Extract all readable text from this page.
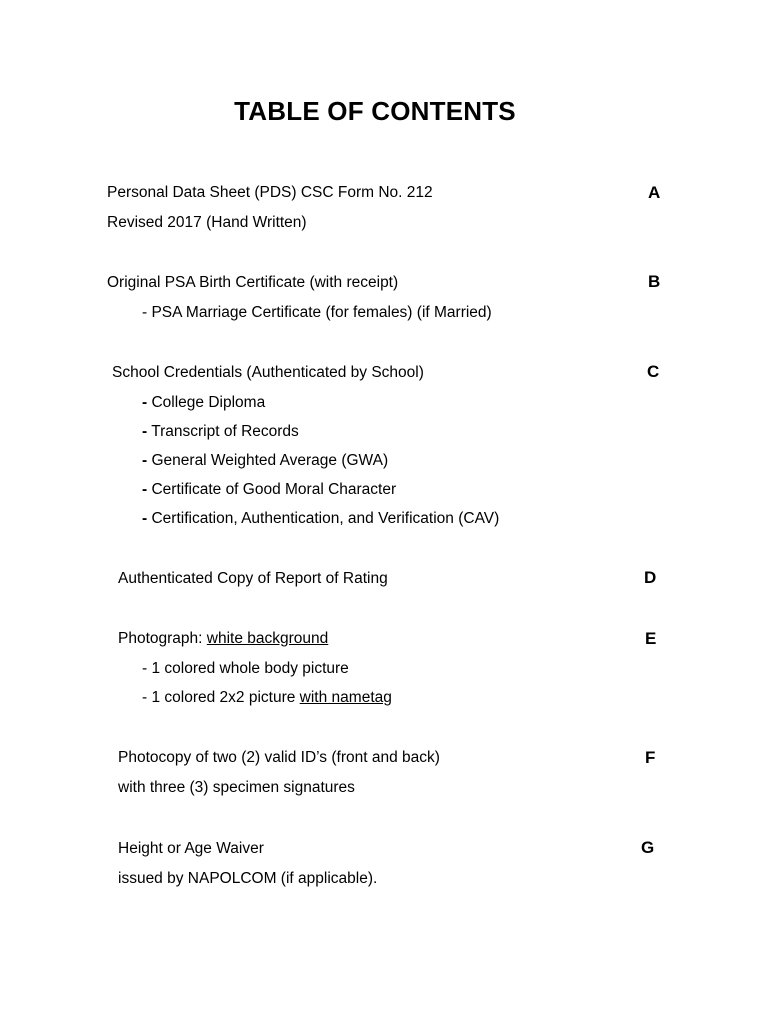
TABLE OF CONTENTS
Personal Data Sheet (PDS) CSC Form No. 212	A
Revised 2017 (Hand Written)
Original PSA Birth Certificate (with receipt)	B
- PSA Marriage Certificate (for females) (if Married)
School Credentials (Authenticated by School)	C
- College Diploma
- Transcript of Records
- General Weighted Average (GWA)
- Certificate of Good Moral Character
- Certification, Authentication, and Verification (CAV)
Authenticated Copy of Report of Rating	D
Photograph: white background	E
- 1 colored whole body picture
- 1 colored 2x2 picture with nametag
Photocopy of two (2) valid ID’s (front and back)	F
with three (3) specimen signatures
Height or Age Waiver	G
issued by NAPOLCOM (if applicable).
